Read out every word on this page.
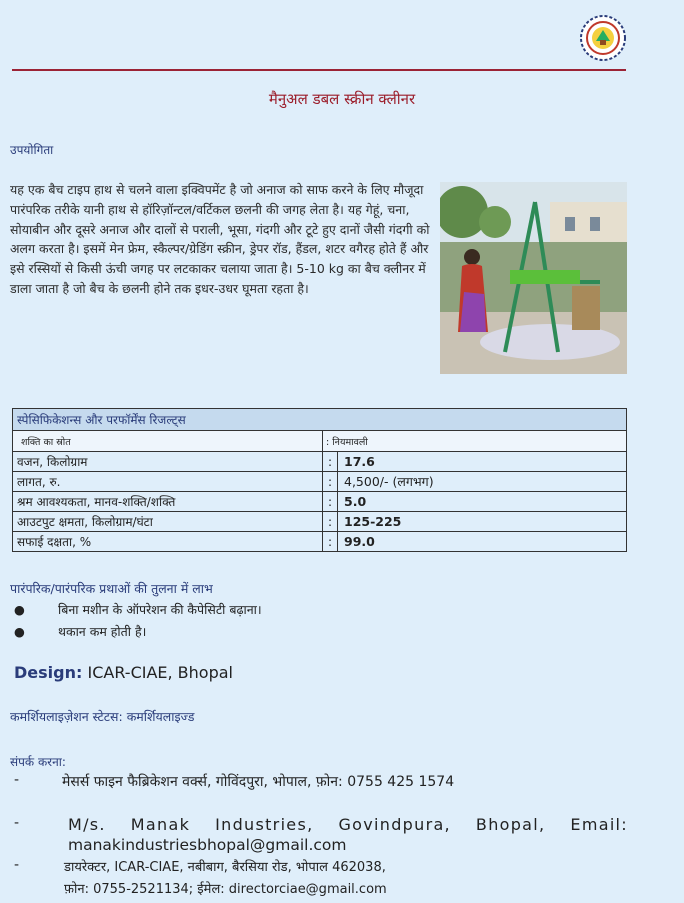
मैनुअल डबल स्क्रीन क्लीनर
उपयोगिता

यह एक बैच टाइप हाथ से चलने वाला इक्विपमेंट है जो अनाज को साफ करने के लिए मौजूदा पारंपरिक तरीके यानी हाथ से हॉरिज़ॉन्टल/वर्टिकल छलनी की जगह लेता है। यह गेहूं, चना, सोयाबीन और दूसरे अनाज और दालों से पराली, भूसा, गंदगी और टूटे हुए दानों जैसी गंदगी को अलग करता है। इसमें मेन फ्रेम, स्कैल्पर/ग्रेडिंग स्क्रीन, ड्रेपर रॉड, हैंडल, शटर वगैरह होते हैं और इसे रस्सियों से किसी ऊंची जगह पर लटकाकर चलाया जाता है। 5-10 kg का बैच क्लीनर में डाला जाता है जो बैच के छलनी होने तक इधर-उधर घूमता रहता है।

स्पेसिफिकेशन्स और परफॉर्मेंस रिजल्ट्स		
शक्ति का स्रोत	: नियमावली	
वजन, किलोग्राम	:	17.6
लागत, रु.	:	4,500/- (लगभग)
श्रम आवश्यकता, मानव-शक्ति/शक्ति	:	5.0
आउटपुट क्षमता, किलोग्राम/घंटा	:	125-225
सफाई दक्षता, %	:	99.0
पारंपरिक/पारंपरिक प्रथाओं की तुलना में लाभ
●	बिना मशीन के ऑपरेशन की कैपेसिटी बढ़ाना।
●	थकान कम होती है।
Design: ICAR-CIAE, Bhopal
कमर्शियलाइज़ेशन स्टेटस: कमर्शियलाइज्ड
संपर्क करना:
-	मेसर्स फाइन फैब्रिकेशन वर्क्स, गोविंदपुरा, भोपाल, फ़ोन: 0755 425 1574
-	M/s. Manak Industries, Govindpura, Bhopal, Email:
manakindustriesbhopal@gmail.com
-	डायरेक्टर, ICAR-CIAE, नबीबाग, बैरसिया रोड, भोपाल 462038,
फ़ोन: 0755-2521134; ईमेल: directorciae@gmail.com
